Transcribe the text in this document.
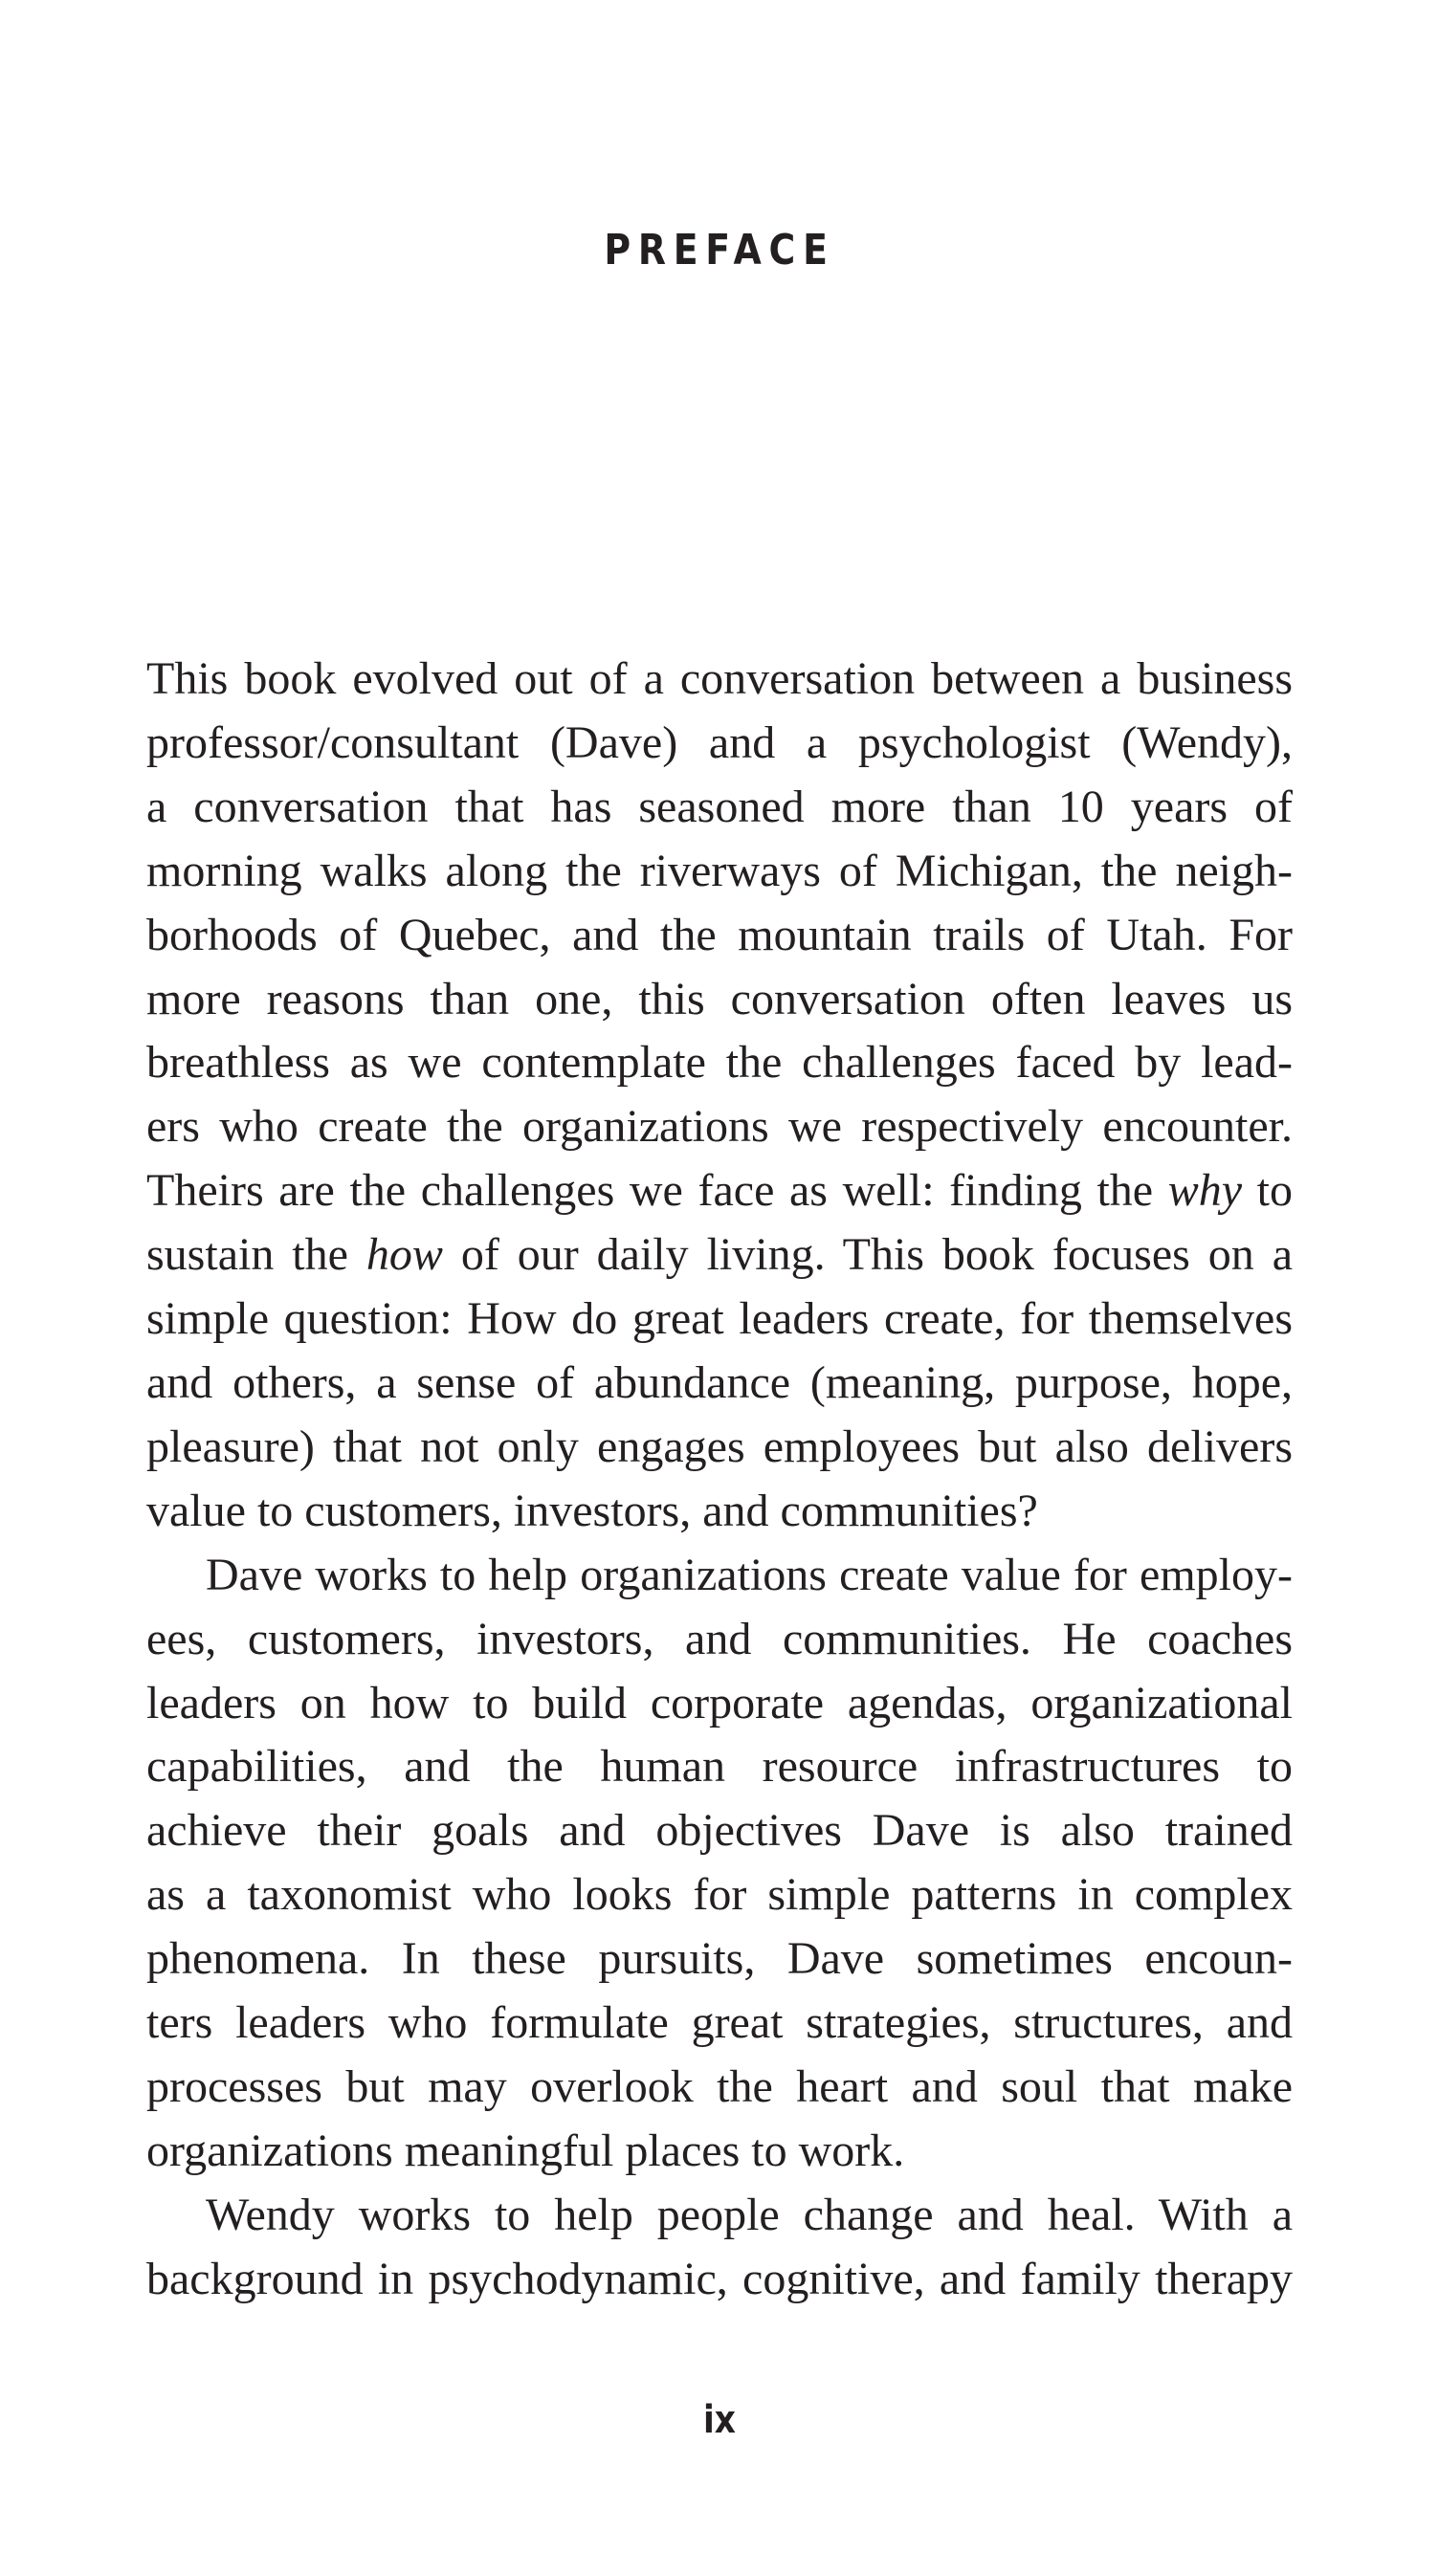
PREFACE

This book evolved out of a conversation between a business
professor/consultant (Dave) and a psychologist (Wendy),
a conversation that has seasoned more than 10 years of
morning walks along the riverways of Michigan, the neigh-
borhoods of Quebec, and the mountain trails of Utah. For
more reasons than one, this conversation often leaves us
breathless as we contemplate the challenges faced by lead-
ers who create the organizations we respectively encounter.
Theirs are the challenges we face as well: finding the why to
sustain the how of our daily living. This book focuses on a
simple question: How do great leaders create, for themselves
and others, a sense of abundance (meaning, purpose, hope,
pleasure) that not only engages employees but also delivers
value to customers, investors, and communities?

Dave works to help organizations create value for employ-
ees, customers, investors, and communities. He coaches
leaders on how to build corporate agendas, organizational
capabilities, and the human resource infrastructures to
achieve their goals and objectives Dave is also trained
as a taxonomist who looks for simple patterns in complex
phenomena. In these pursuits, Dave sometimes encoun-
ters leaders who formulate great strategies, structures, and
processes but may overlook the heart and soul that make
organizations meaningful places to work.

Wendy works to help people change and heal. With a
background in psychodynamic, cognitive, and family therapy

ix
